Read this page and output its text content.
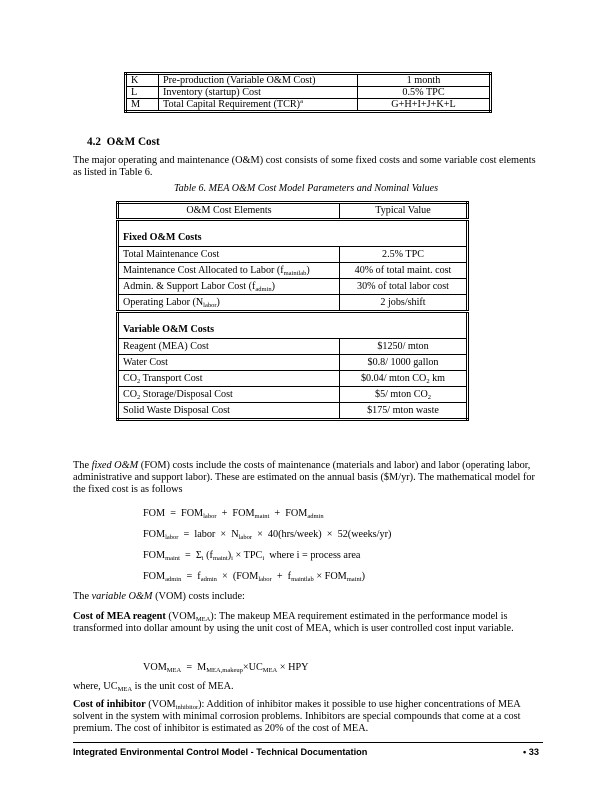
K	Pre-production (Variable O&M Cost)	1 month
L	Inventory (startup) Cost	0.5% TPC
M	Total Capital Requirement (TCR)$^a$	G+H+I+J+K+L
4.2 O&M Cost
The major operating and maintenance (O&M) cost consists of some fixed costs and some variable cost elements as listed in Table 6.
Table 6. MEA O&M Cost Model Parameters and Nominal Values
O&M Cost Elements	Typical Value
Fixed O&M Costs	
Total Maintenance Cost	2.5% TPC
Maintenance Cost Allocated to Labor $(f_{maintlab})$	40% of total maint. cost
Admin. & Support Labor Cost $(f_{admin})$	30% of total labor cost
Operating Labor $(N_{labor})$	2 jobs/shift
Variable O&M Costs	
Reagent (MEA) Cost	$1250/ mton
Water Cost	$0.8/ 1000 gallon
$CO_2$ Transport Cost	$0.04/ mton $CO_2$ km
$CO_2$ Storage/Disposal Cost	$5/ mton $CO_2$
Solid Waste Disposal Cost	$175/ mton waste
The fixed O&M (FOM) costs include the costs of maintenance (materials and labor) and labor (operating labor, administrative and support labor). These are estimated on the annual basis ($M/yr). The mathematical model for the fixed cost is as follows
FOM  =  $FOM_{labor} + FOM_{maint} + FOM_{admin}$
$FOM_{labor}$  =  labor  ×  $N_{labor}$  ×  40(hrs/week)  ×  52(weeks/yr)
$FOM_{maint} = \Sigma_i$ $(f_{maint})_i \times TPC_i$ where i = process area
$FOM_{admin} = f_{admin} \times (FOM_{labor} + f_{maintlab} \times FOM_{maint})$
The variable O&M (VOM) costs include:
Cost of MEA reagent $(VOM_{MEA})$: The makeup MEA requirement estimated in the performance model is transformed into dollar amount by using the unit cost of MEA, which is user controlled cost input variable.
$VOM_{MEA} = M_{MEA,makeup}\times UC_{MEA}$ × HPY
where, $UC_{MEA}$ is the unit cost of MEA.
Cost of inhibitor $(VOM_{inhibitor})$: Addition of inhibitor makes it possible to use higher concentrations of MEA solvent in the system with minimal corrosion problems. Inhibitors are special compounds that come at a cost premium. The cost of inhibitor is estimated as 20% of the cost of MEA.
Integrated Environmental Control Model - Technical Documentation	• 33
